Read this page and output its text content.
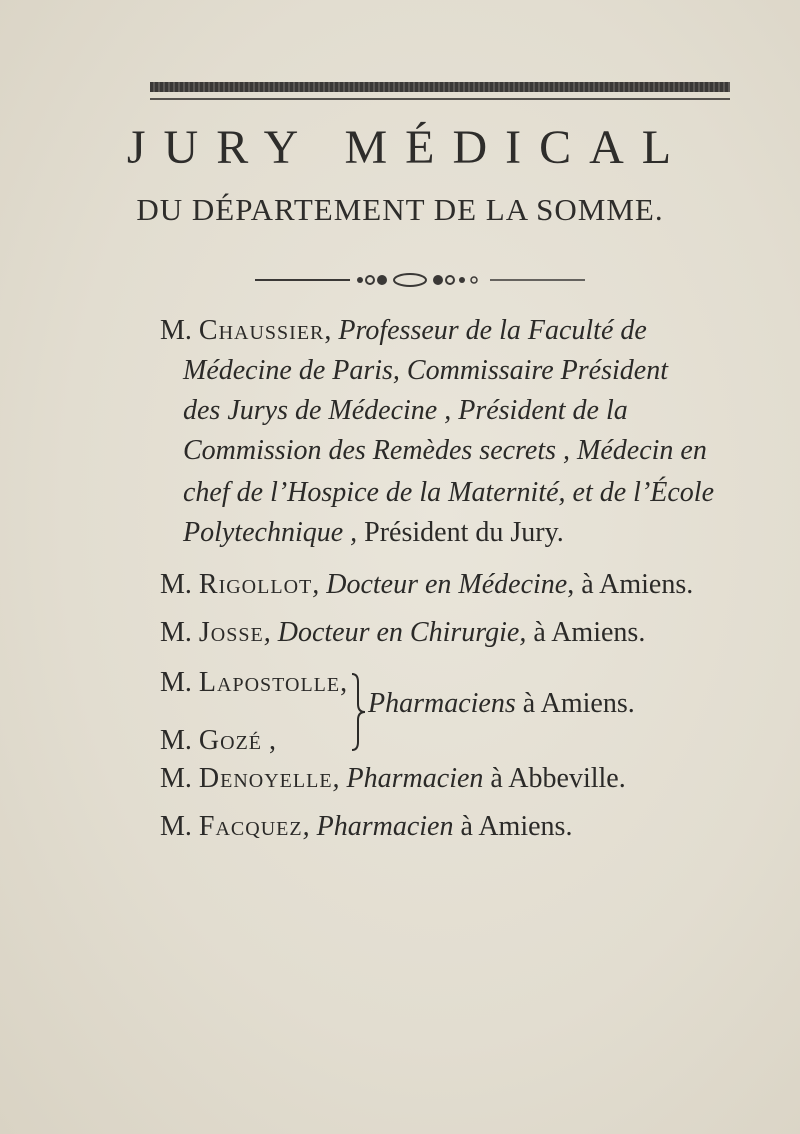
JURY MÉDICAL
DU DÉPARTEMENT DE LA SOMME.
M. Chaussier, Professeur de la Faculté de
Médecine de Paris, Commissaire Président
des Jurys de Médecine , Président de la
Commission des Remèdes secrets , Médecin en
chef de l’Hospice de la Maternité, et de l’École
Polytechnique , Président du Jury.
M. Rigollot, Docteur en Médecine, à Amiens.
M. Josse, Docteur en Chirurgie, à Amiens.
M. Lapostolle,
M. Gozé ,
Pharmaciens à Amiens.
M. Denoyelle, Pharmacien à Abbeville.
M. Facquez, Pharmacien à Amiens.
